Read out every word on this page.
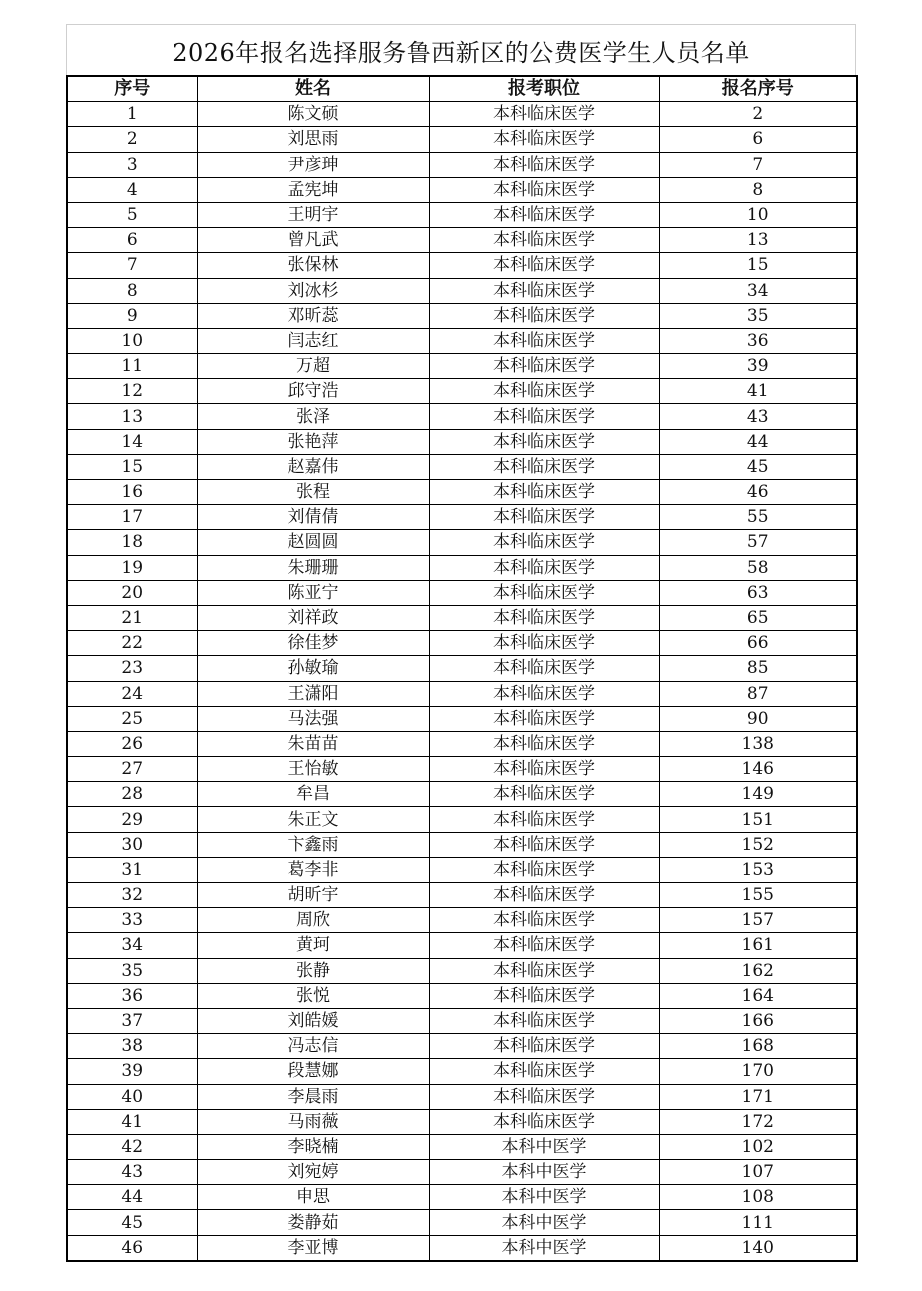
2026年报名选择服务鲁西新区的公费医学生人员名单
序号	姓名	报考职位	报名序号
1	陈文硕	本科临床医学	2
2	刘思雨	本科临床医学	6
3	尹彦珅	本科临床医学	7
4	孟宪坤	本科临床医学	8
5	王明宇	本科临床医学	10
6	曾凡武	本科临床医学	13
7	张保林	本科临床医学	15
8	刘冰杉	本科临床医学	34
9	邓昕蕊	本科临床医学	35
10	闫志红	本科临床医学	36
11	万超	本科临床医学	39
12	邱守浩	本科临床医学	41
13	张泽	本科临床医学	43
14	张艳萍	本科临床医学	44
15	赵嘉伟	本科临床医学	45
16	张程	本科临床医学	46
17	刘倩倩	本科临床医学	55
18	赵圆圆	本科临床医学	57
19	朱珊珊	本科临床医学	58
20	陈亚宁	本科临床医学	63
21	刘祥政	本科临床医学	65
22	徐佳梦	本科临床医学	66
23	孙敏瑜	本科临床医学	85
24	王潇阳	本科临床医学	87
25	马法强	本科临床医学	90
26	朱苗苗	本科临床医学	138
27	王怡敏	本科临床医学	146
28	牟昌	本科临床医学	149
29	朱正文	本科临床医学	151
30	卞鑫雨	本科临床医学	152
31	葛李非	本科临床医学	153
32	胡昕宇	本科临床医学	155
33	周欣	本科临床医学	157
34	黄珂	本科临床医学	161
35	张静	本科临床医学	162
36	张悦	本科临床医学	164
37	刘皓媛	本科临床医学	166
38	冯志信	本科临床医学	168
39	段慧娜	本科临床医学	170
40	李晨雨	本科临床医学	171
41	马雨薇	本科临床医学	172
42	李晓楠	本科中医学	102
43	刘宛婷	本科中医学	107
44	申思	本科中医学	108
45	娄静茹	本科中医学	111
46	李亚博	本科中医学	140
